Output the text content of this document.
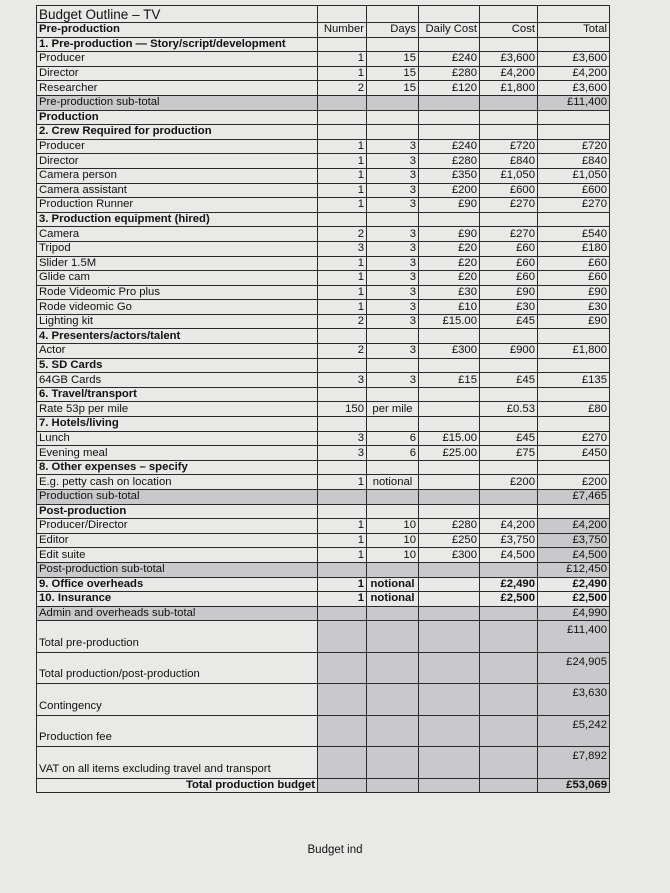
Budget Outline – TV					
Pre-production	Number	Days	Daily Cost	Cost	Total
1. Pre-production — Story/script/development					
Producer	1	15	£240	£3,600	£3,600
Director	1	15	£280	£4,200	£4,200
Researcher	2	15	£120	£1,800	£3,600
Pre-production sub-total					£11,400
Production					
2. Crew Required for production					
Producer	1	3	£240	£720	£720
Director	1	3	£280	£840	£840
Camera person	1	3	£350	£1,050	£1,050
Camera assistant	1	3	£200	£600	£600
Production Runner	1	3	£90	£270	£270
3. Production equipment (hired)					
Camera	2	3	£90	£270	£540
Tripod	3	3	£20	£60	£180
Slider 1.5M	1	3	£20	£60	£60
Glide cam	1	3	£20	£60	£60
Rode Videomic Pro plus	1	3	£30	£90	£90
Rode videomic Go	1	3	£10	£30	£30
Lighting kit	2	3	£15.00	£45	£90
4. Presenters/actors/talent					
Actor	2	3	£300	£900	£1,800
5. SD Cards					
64GB Cards	3	3	£15	£45	£135
6. Travel/transport					
Rate 53p per mile	150	per mile		£0.53	£80
7. Hotels/living					
Lunch	3	6	£15.00	£45	£270
Evening meal	3	6	£25.00	£75	£450
8. Other expenses – specify					
E.g. petty cash on location	1	notional		£200	£200
Production sub-total					£7,465
Post-production					
Producer/Director	1	10	£280	£4,200	£4,200
Editor	1	10	£250	£3,750	£3,750
Edit suite	1	10	£300	£4,500	£4,500
Post-production sub-total					£12,450
9. Office overheads	1	notional		£2,490	£2,490
10. Insurance	1	notional		£2,500	£2,500
Admin and overheads sub-total					£4,990
Total pre-production					£11,400
Total production/post-production					£24,905
Contingency					£3,630
Production fee					£5,242
VAT on all items excluding travel and transport					£7,892
Total production budget					£53,069
Budget ind
